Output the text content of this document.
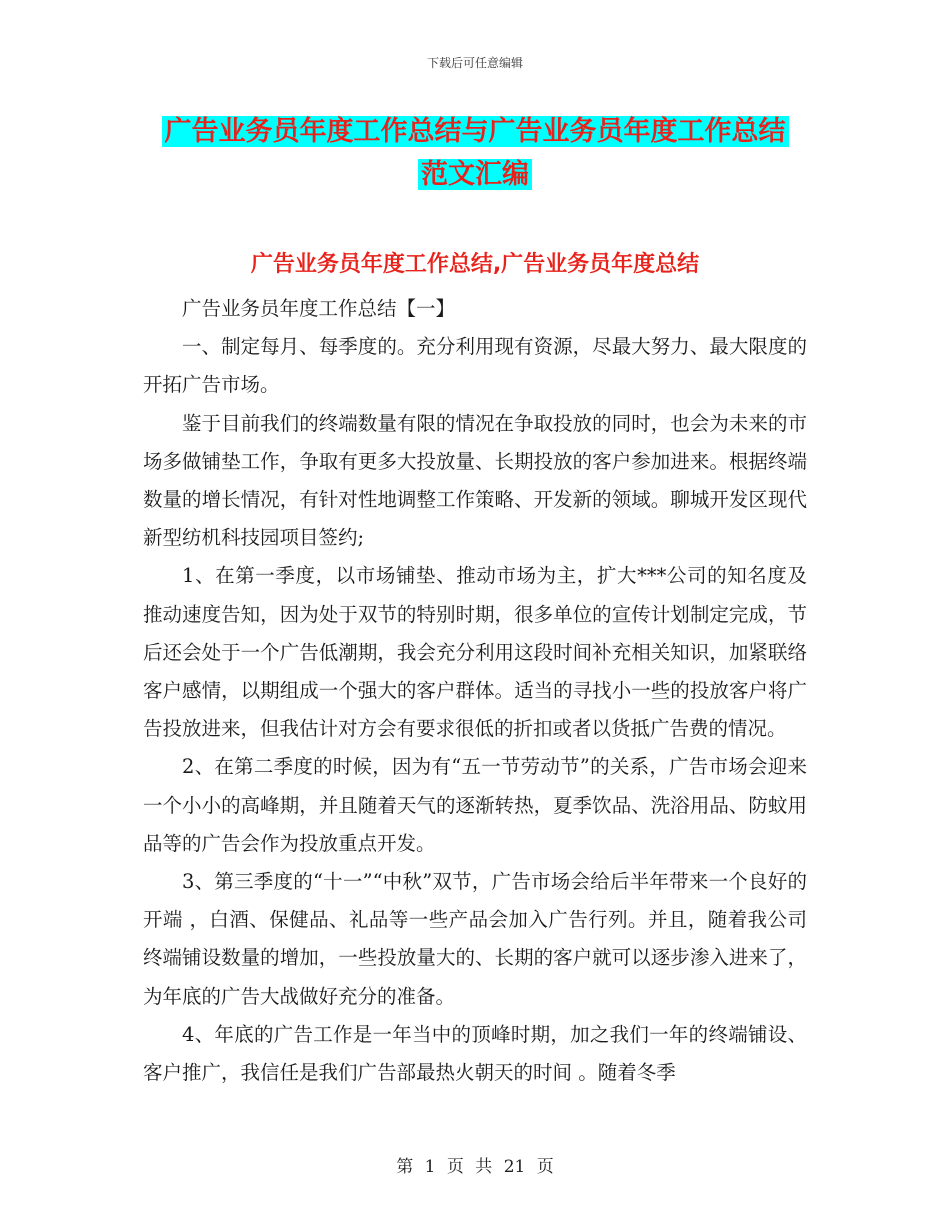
下载后可任意编辑
广告业务员年度工作总结与广告业务员年度工作总结
范文汇编
广告业务员年度工作总结,广告业务员年度总结

广告业务员年度工作总结【一】

一、制定每月、每季度的。充分利用现有资源，尽最大努力、最大限度的开拓广告市场。

鉴于目前我们的终端数量有限的情况在争取投放的同时，也会为未来的市场多做铺垫工作，争取有更多大投放量、长期投放的客户参加进来。根据终端数量的增长情况，有针对性地调整工作策略、开发新的领域。聊城开发区现代新型纺机科技园项目签约;

1、在第一季度，以市场铺垫、推动市场为主，扩大***公司的知名度及推动速度告知，因为处于双节的特别时期，很多单位的宣传计划制定完成，节后还会处于一个广告低潮期，我会充分利用这段时间补充相关知识，加紧联络客户感情，以期组成一个强大的客户群体。适当的寻找小一些的投放客户将广告投放进来，但我估计对方会有要求很低的折扣或者以货抵广告费的情况。

2、在第二季度的时候，因为有“五一节劳动节”的关系，广告市场会迎来一个小小的高峰期，并且随着天气的逐渐转热，夏季饮品、洗浴用品、防蚊用品等的广告会作为投放重点开发。

3、第三季度的“十一”“中秋”双节，广告市场会给后半年带来一个良好的开端 ，白酒、保健品、礼品等一些产品会加入广告行列。并且，随着我公司终端铺设数量的增加，一些投放量大的、长期的客户就可以逐步渗入进来了，为年底的广告大战做好充分的准备。

4、年底的广告工作是一年当中的顶峰时期，加之我们一年的终端铺设、客户推广，我信任是我们广告部最热火朝天的时间 。随着冬季

第 1 页 共 21 页
